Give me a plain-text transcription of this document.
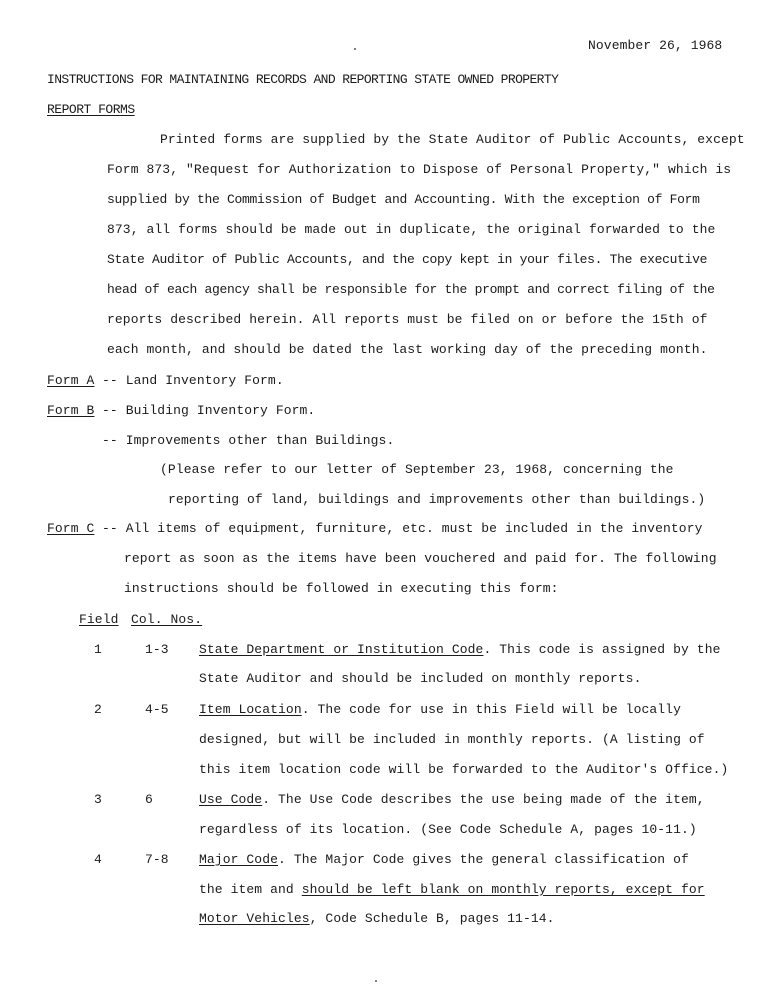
November 26, 1968
INSTRUCTIONS FOR MAINTAINING RECORDS AND REPORTING STATE OWNED PROPERTY
REPORT FORMS
Printed forms are supplied by the State Auditor of Public Accounts, except
Form 873, "Request for Authorization to Dispose of Personal Property," which is
supplied by the Commission of Budget and Accounting. With the exception of Form
873, all forms should be made out in duplicate, the original forwarded to the
State Auditor of Public Accounts, and the copy kept in your files. The executive
head of each agency shall be responsible for the prompt and correct filing of the
reports described herein. All reports must be filed on or before the 15th of
each month, and should be dated the last working day of the preceding month.
Form A -- Land Inventory Form.
Form B -- Building Inventory Form.
-- Improvements other than Buildings.
(Please refer to our letter of September 23, 1968, concerning the
reporting of land, buildings and improvements other than buildings.)
Form C -- All items of equipment, furniture, etc. must be included in the inventory
report as soon as the items have been vouchered and paid for. The following
instructions should be followed in executing this form:
Field Col. Nos.
1	1-3 State Department or Institution Code. This code is assigned by the
State Auditor and should be included on monthly reports.
2	4-5 Item Location. The code for use in this Field will be locally
designed, but will be included in monthly reports. (A listing of
this item location code will be forwarded to the Auditor's Office.)
3	6	Use Code. The Use Code describes the use being made of the item,
regardless of its location. (See Code Schedule A, pages 10-11.)
4	7-8 Major Code. The Major Code gives the general classification of
the item and should be left blank on monthly reports, except for
Motor Vehicles, Code Schedule B, pages 11-14.
